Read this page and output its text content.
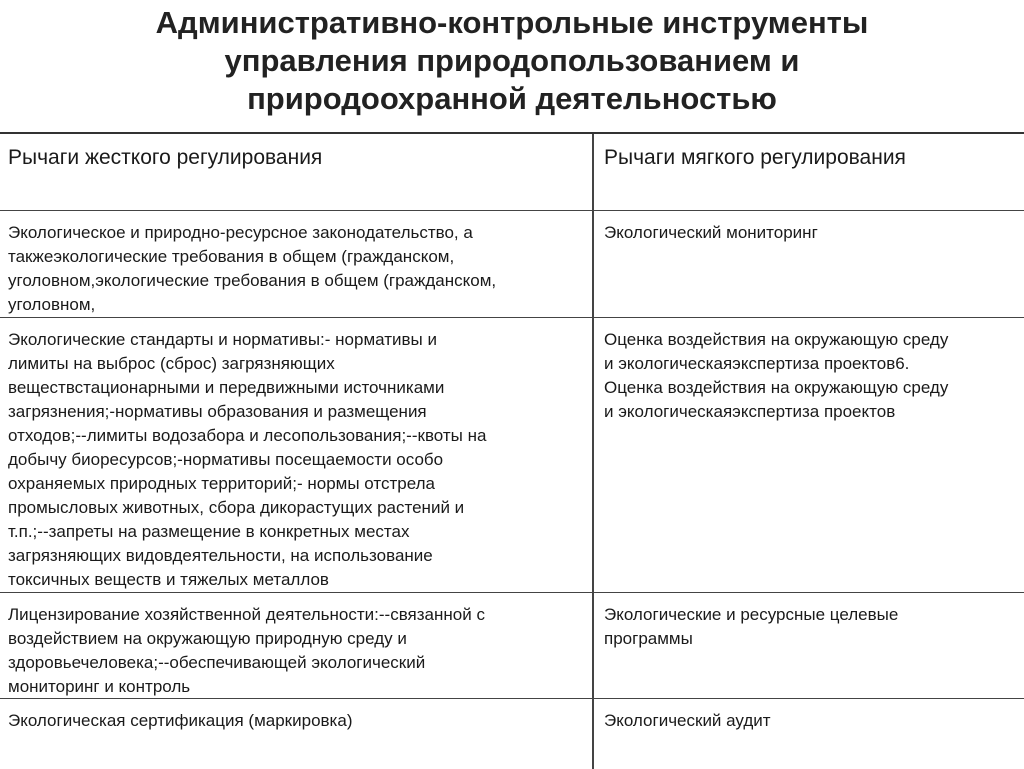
Административно-контрольные инструменты
управления природопользованием и
природоохранной деятельностью
Рычаги жесткого регулирования	Рычаги мягкого регулирования
Экологическое и природно-ресурсное законодательство, а
такжеэкологические требования в общем (гражданском,
уголовном,экологические требования в общем (гражданском,
уголовном,
Экологический мониторинг
Экологические стандарты и нормативы:- нормативы и
лимиты на выброс (сброс) загрязняющих
веществстационарными и передвижными источниками
загрязнения;-нормативы образования и размещения
отходов;--лимиты водозабора и лесопользования;--квоты на
добычу биоресурсов;-нормативы посещаемости особо
охраняемых природных территорий;- нормы отстрела
промысловых животных, сбора дикорастущих растений и
т.п.;--запреты на размещение в конкретных местах
загрязняющих видовдеятельности, на использование
токсичных веществ и тяжелых металлов
Оценка воздействия на окружающую среду
и экологическаяэкспертиза проектов6.
Оценка воздействия на окружающую среду
и экологическаяэкспертиза проектов
Лицензирование хозяйственной деятельности:--связанной с
воздействием на окружающую природную среду и
здоровьечеловека;--обеспечивающей экологический
мониторинг и контроль
Экологические и ресурсные целевые
программы
Экологическая сертификация (маркировка)	Экологический аудит
